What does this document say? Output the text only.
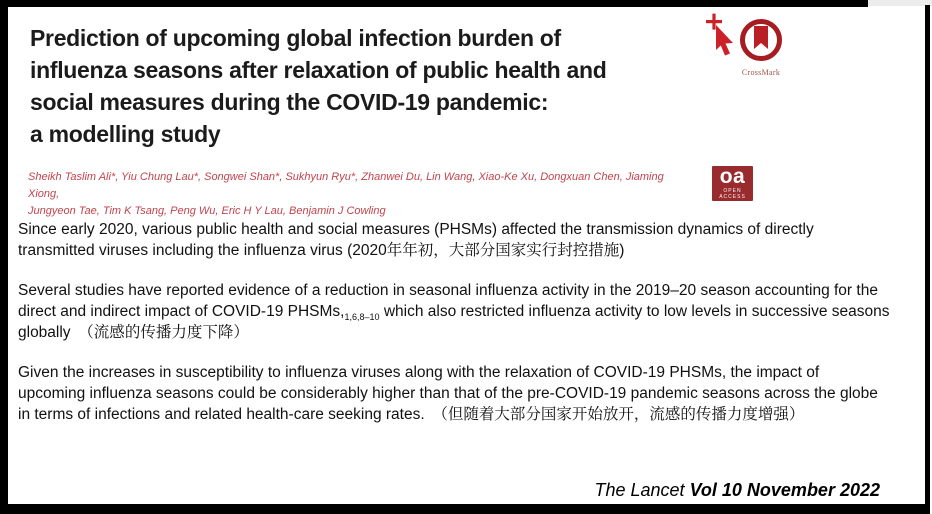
Prediction of upcoming global infection burden of
influenza seasons after relaxation of public health and
social measures during the COVID-19 pandemic:
a modelling study
CrossMark
oa
OPEN ACCESS
Sheikh Taslim Ali*, Yiu Chung Lau*, Songwei Shan*, Sukhyun Ryu*, Zhanwei Du, Lin Wang, Xiao-Ke Xu, Dongxuan Chen, Jiaming Xiong,
Jungyeon Tae, Tim K Tsang, Peng Wu, Eric H Y Lau, Benjamin J Cowling

Since early 2020, various public health and social measures (PHSMs) affected the transmission dynamics of directly transmitted viruses including the influenza virus (2020年年初，大部分国家实行封控措施)

Several studies have reported evidence of a reduction in seasonal influenza activity in the 2019–20 season accounting for the direct and indirect impact of COVID-19 $PHSMs,_{1,6,8-10}$ which also restricted influenza activity to low levels in successive seasons globally　（流感的传播力度下降）

Given the increases in susceptibility to influenza viruses along with the relaxation of COVID-19 PHSMs, the impact of upcoming influenza seasons could be considerably higher than that of the pre-COVID-19 pandemic seasons across the globe in terms of infections and related health-care seeking rates.　（但随着大部分国家开始放开，流感的传播力度增强）

The Lancet Vol 10 November 2022
